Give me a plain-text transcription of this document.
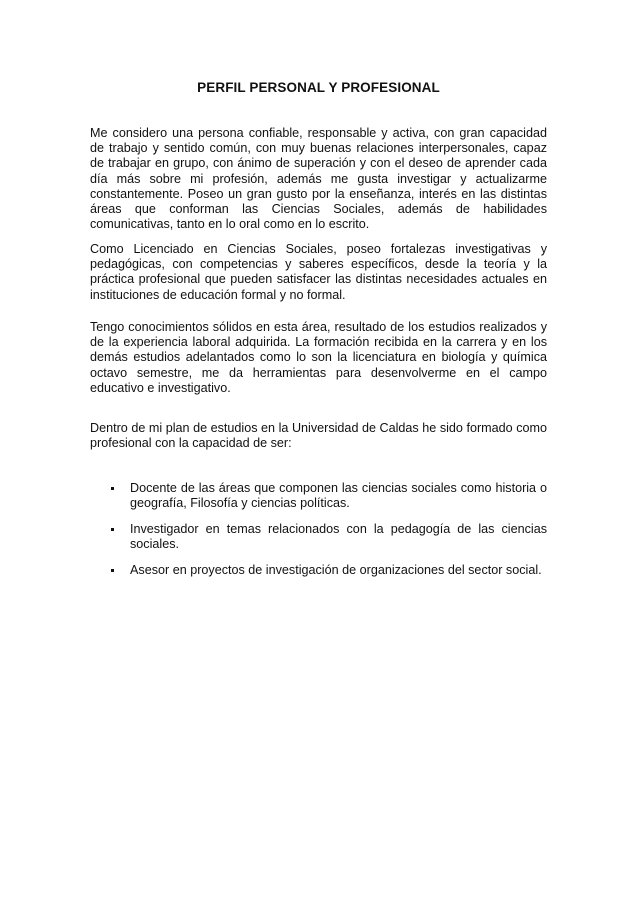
PERFIL PERSONAL Y PROFESIONAL

Me considero una persona confiable, responsable y activa, con gran capacidad de trabajo y sentido común, con muy buenas relaciones interpersonales, capaz de trabajar en grupo, con ánimo de superación y con el deseo de aprender cada día más sobre mi profesión, además me gusta investigar y actualizarme constantemente. Poseo un gran gusto por la enseñanza, interés en las distintas áreas que conforman las Ciencias Sociales, además de habilidades comunicativas, tanto en lo oral como en lo escrito.

Como Licenciado en Ciencias Sociales, poseo fortalezas investigativas y pedagógicas, con competencias y saberes específicos, desde la teoría y la práctica profesional que pueden satisfacer las distintas necesidades actuales en instituciones de educación formal y no formal.

Tengo conocimientos sólidos en esta área, resultado de los estudios realizados y de la experiencia laboral adquirida. La formación recibida en la carrera y en los demás estudios adelantados como lo son la licenciatura en biología y química octavo semestre, me da herramientas para desenvolverme en el campo educativo e investigativo.

Dentro de mi plan de estudios en la Universidad de Caldas he sido formado como profesional con la capacidad de ser:

Docente de las áreas que componen las ciencias sociales como historia o geografía, Filosofía y ciencias políticas.
Investigador en temas relacionados con la pedagogía de las ciencias sociales.
Asesor en proyectos de investigación de organizaciones del sector social.
